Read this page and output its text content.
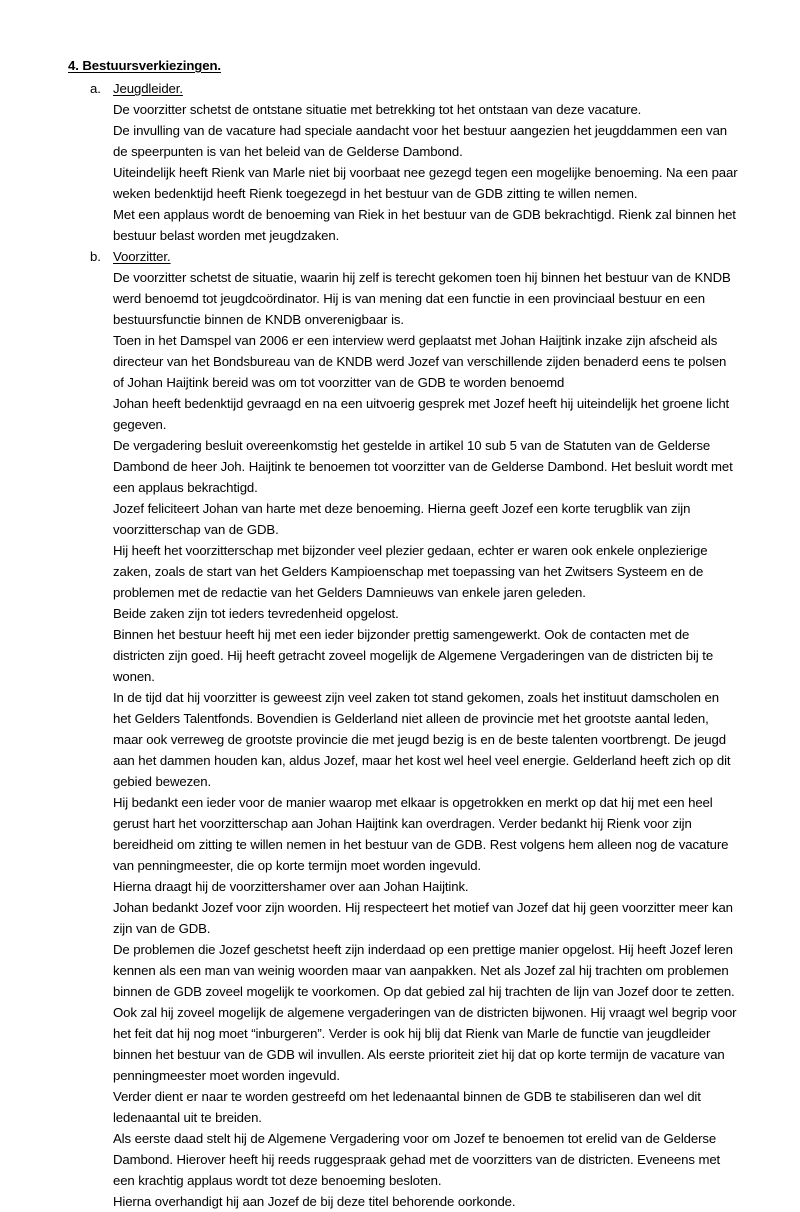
4. Bestuursverkiezingen.
a. Jeugdleider.

De voorzitter schetst de ontstane situatie met betrekking tot het ontstaan van deze vacature.

De invulling van de vacature had speciale aandacht voor het bestuur aangezien het jeugddammen een van de speerpunten is van het beleid van de Gelderse Dambond.

Uiteindelijk heeft Rienk van Marle niet bij voorbaat nee gezegd tegen een mogelijke benoeming. Na een paar weken bedenktijd heeft Rienk toegezegd in het bestuur van de GDB zitting te willen nemen.

Met een applaus wordt de benoeming van Riek in het bestuur van de GDB bekrachtigd. Rienk zal binnen het bestuur belast worden met jeugdzaken.

b. Voorzitter.

De voorzitter schetst de situatie, waarin hij zelf is terecht gekomen toen hij binnen het bestuur van de KNDB werd benoemd tot jeugdcoördinator. Hij is van mening dat een functie in een provinciaal bestuur en een bestuursfunctie binnen de KNDB onverenigbaar is.

Toen in het Damspel van 2006 er een interview werd geplaatst met Johan Haijtink inzake zijn afscheid als directeur van het Bondsbureau van de KNDB werd Jozef van verschillende zijden benaderd eens te polsen of Johan Haijtink bereid was om tot voorzitter van de GDB te worden benoemd

Johan heeft bedenktijd gevraagd en na een uitvoerig gesprek met Jozef heeft hij uiteindelijk het groene licht gegeven.

De vergadering besluit overeenkomstig het gestelde in artikel 10 sub 5 van de Statuten van de Gelderse Dambond de heer Joh. Haijtink te benoemen tot voorzitter van de Gelderse Dambond. Het besluit wordt met een applaus bekrachtigd.

Jozef feliciteert Johan van harte met deze benoeming. Hierna geeft Jozef een korte terugblik van zijn voorzitterschap van de GDB.

Hij heeft het voorzitterschap met bijzonder veel plezier gedaan, echter er waren ook enkele onplezierige zaken, zoals de start van het Gelders Kampioenschap met toepassing van het Zwitsers Systeem en de problemen met de redactie van het Gelders Damnieuws van enkele jaren geleden.

Beide zaken zijn tot ieders tevredenheid opgelost.

Binnen het bestuur heeft hij met een ieder bijzonder prettig samengewerkt. Ook de contacten met de districten zijn goed. Hij heeft getracht zoveel mogelijk de Algemene Vergaderingen van de districten bij te wonen.

In de tijd dat hij voorzitter is geweest zijn veel zaken tot stand gekomen, zoals het instituut damscholen en het Gelders Talentfonds. Bovendien is Gelderland niet alleen de provincie met het grootste aantal leden, maar ook verreweg de grootste provincie die met jeugd bezig is en de beste talenten voortbrengt. De jeugd aan het dammen houden kan, aldus Jozef, maar het kost wel heel veel energie. Gelderland heeft zich op dit gebied bewezen.

Hij bedankt een ieder voor de manier waarop met elkaar is opgetrokken en merkt op dat hij met een heel gerust hart het voorzitterschap aan Johan Haijtink kan overdragen. Verder bedankt hij Rienk voor zijn bereidheid om zitting te willen nemen in het bestuur van de GDB. Rest volgens hem alleen nog de vacature van penningmeester, die op korte termijn moet worden ingevuld.

Hierna draagt hij de voorzittershamer over aan Johan Haijtink.

Johan bedankt Jozef voor zijn woorden. Hij respecteert het motief van Jozef dat hij geen voorzitter meer kan zijn van de GDB.

De problemen die Jozef geschetst heeft zijn inderdaad op een prettige manier opgelost. Hij heeft Jozef leren kennen als een man van weinig woorden maar van aanpakken. Net als Jozef zal hij trachten om problemen binnen de GDB zoveel mogelijk te voorkomen. Op dat gebied zal hij trachten de lijn van Jozef door te zetten.

Ook zal hij zoveel mogelijk de algemene vergaderingen van de districten bijwonen. Hij vraagt wel begrip voor het feit dat hij nog moet “inburgeren”. Verder is ook hij blij dat Rienk van Marle de functie van jeugdleider binnen het bestuur van de GDB wil invullen. Als eerste prioriteit ziet hij dat op korte termijn de vacature van penningmeester moet worden ingevuld.

Verder dient er naar te worden gestreefd om het ledenaantal binnen de GDB te stabiliseren dan wel dit ledenaantal uit te breiden.

Als eerste daad stelt hij de Algemene Vergadering voor om Jozef te benoemen tot erelid van de Gelderse Dambond. Hierover heeft hij reeds ruggespraak gehad met de voorzitters van de districten. Eveneens met een krachtig applaus wordt tot deze benoeming besloten.

Hierna overhandigt hij aan Jozef de bij deze titel behorende oorkonde.
